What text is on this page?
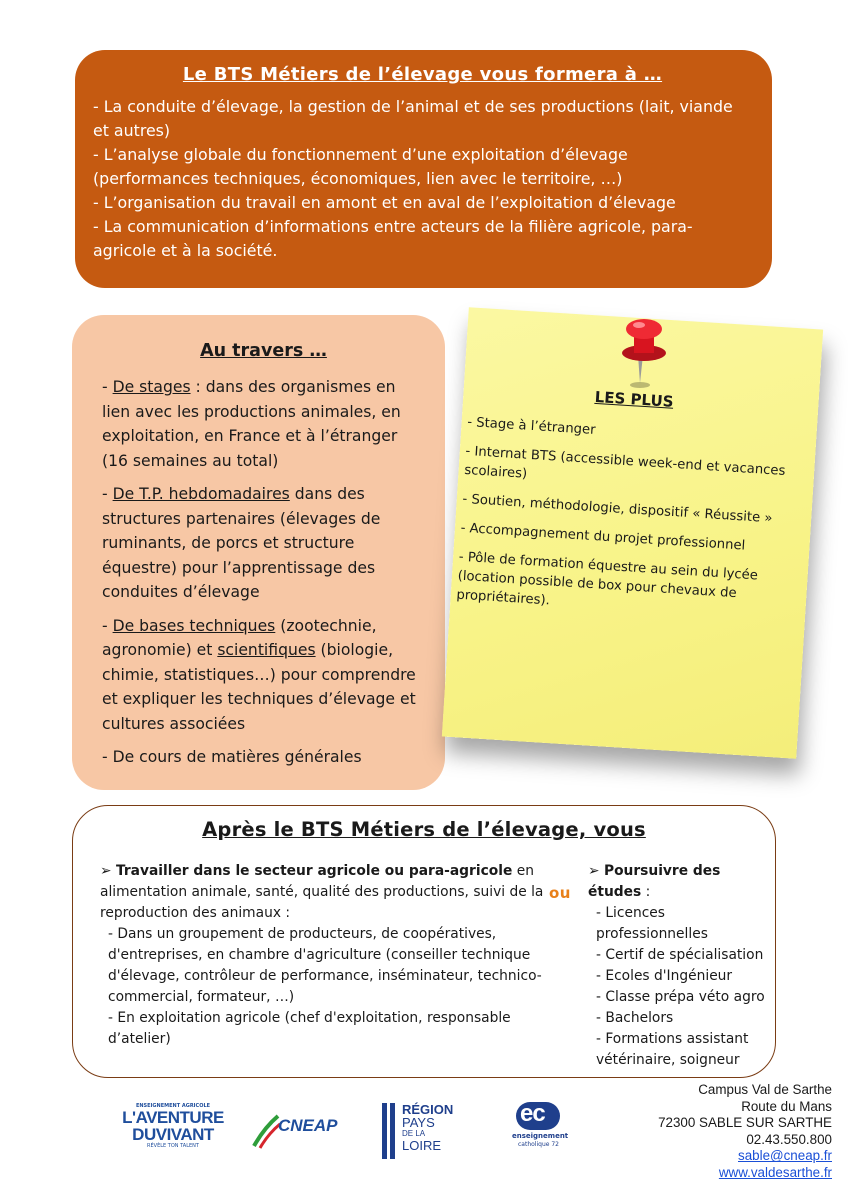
Le BTS Métiers de l’élevage vous formera à …
- La conduite d’élevage, la gestion de l’animal et de ses productions (lait, viande
et autres)
- L’analyse globale du fonctionnement d’une exploitation d’élevage
(performances techniques, économiques, lien avec le territoire, …)
- L’organisation du travail en amont et en aval de l’exploitation d’élevage
- La communication d’informations entre acteurs de la filière agricole, para-
agricole et à la société.
Au travers …

- De stages : dans des organismes en lien avec les productions animales, en exploitation, en France et à l’étranger (16 semaines au total)

- De T.P. hebdomadaires dans des structures partenaires (élevages de ruminants, de porcs et structure équestre) pour l’apprentissage des conduites d’élevage

- De bases techniques (zootechnie, agronomie) et scientifiques (biologie, chimie, statistiques…) pour comprendre et expliquer les techniques d’élevage et cultures associées

- De cours de matières générales

LES PLUS
- Stage à l’étranger
- Internat BTS (accessible week-end et vacances scolaires)
- Soutien, méthodologie, dispositif « Réussite »
- Accompagnement du projet professionnel
- Pôle de formation équestre au sein du lycée (location possible de box pour chevaux de propriétaires).
Après le BTS Métiers de l’élevage, vous
➢ Travailler dans le secteur agricole ou para-agricole en alimentation animale, santé, qualité des productions, suivi de la reproduction des animaux :
- Dans un groupement de producteurs, de coopératives, d'entreprises, en chambre d'agriculture (conseiller technique d'élevage, contrôleur de performance, inséminateur, technico-commercial, formateur, …)
- En exploitation agricole (chef d'exploitation, responsable d’atelier)
ou
➢ Poursuivre des études :
- Licences professionnelles
- Certif de spécialisation
- Ecoles d'Ingénieur
- Classe prépa véto agro
- Bachelors
- Formations assistant vétérinaire, soigneur
ENSEIGNEMENT AGRICOLE
L'AVENTURE
DUVIVANT
RÉVÈLE TON TALENT
CNEAP
RÉGION
PAYS
DE LA
LOIRE
ec
enseignement
catholique 72
Campus Val de Sarthe
Route du Mans
72300 SABLE SUR SARTHE
02.43.550.800
sable@cneap.fr
www.valdesarthe.fr
